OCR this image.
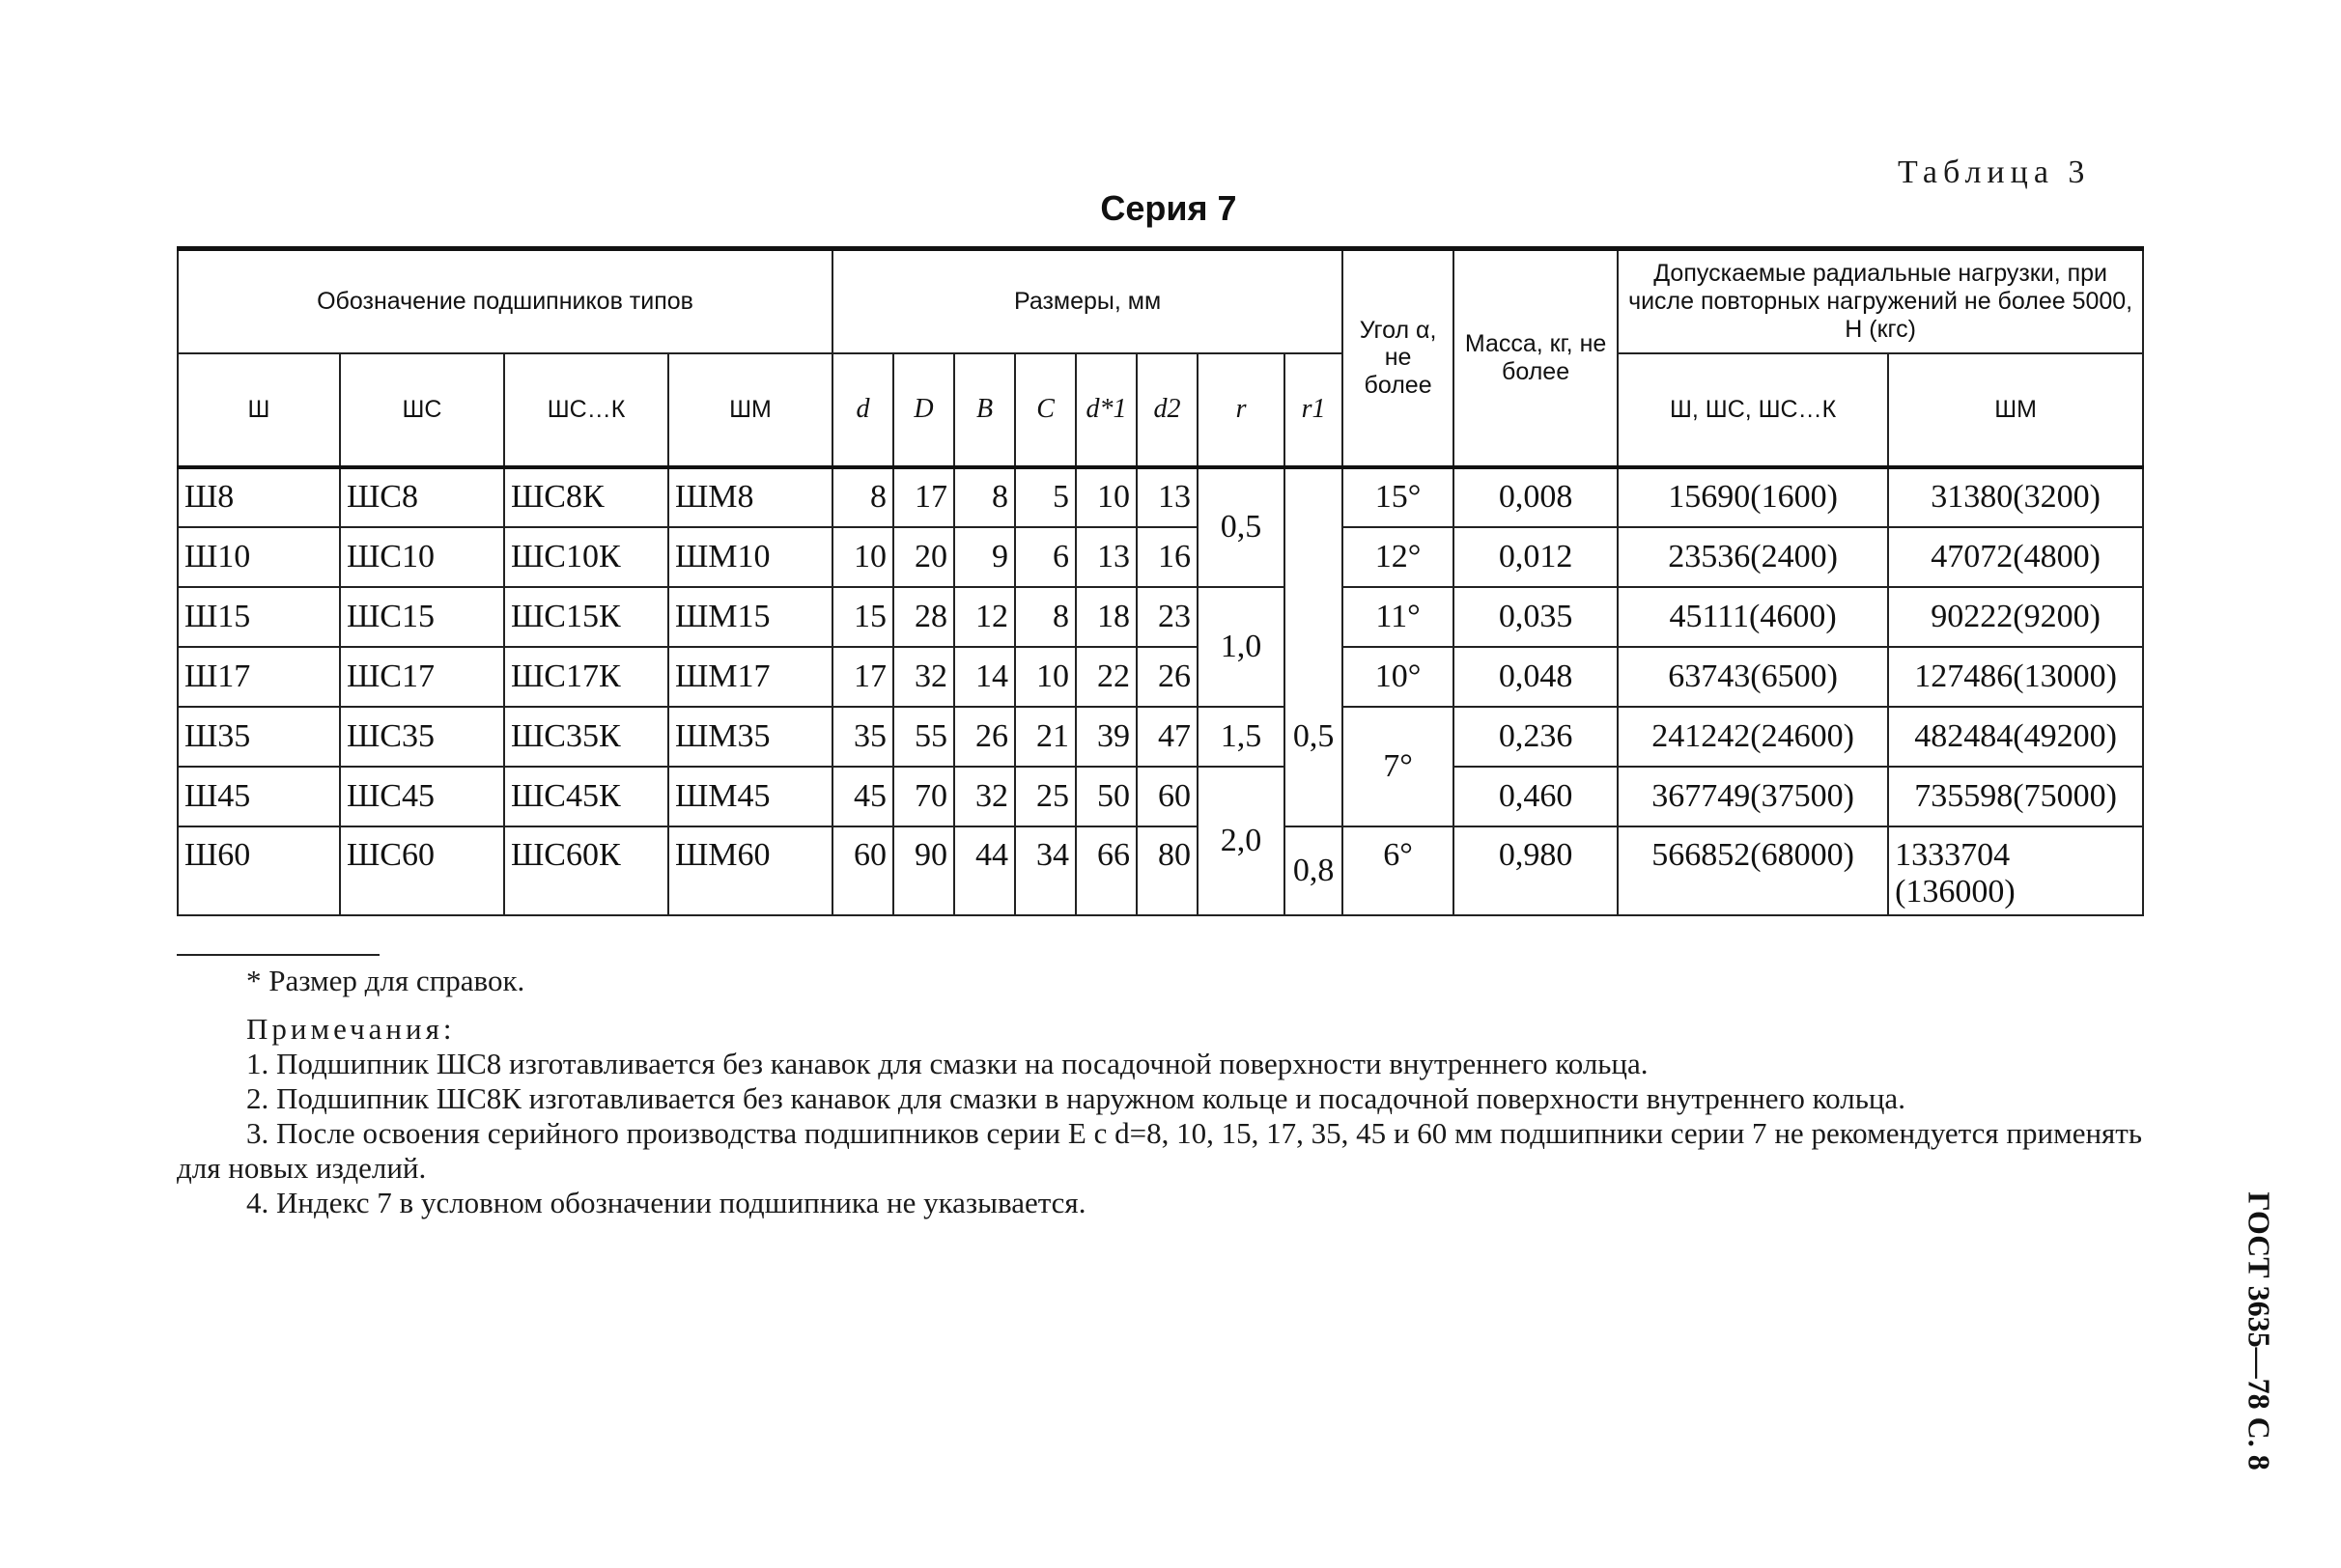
Таблица 3
Серия 7
ГОСТ 3635—78 С. 8
Обозначение подшипников типов				Размеры, мм								Угол α, не более	Масса, кг, не более	Допускаемые радиальные нагрузки, при числе повторных нагружений не более 5000, Н (кгс)	
Ш	ШС	ШС…К	ШМ	d	D	B	C	d*1	d2	r	r1			Ш, ШС, ШС…К	ШМ
Ш8	ШС8	ШС8К	ШМ8	8	17	8	5	10	13	0,5		15°	0,008	15690(1600)	31380(3200)
Ш10	ШС10	ШС10К	ШМ10	10	20	9	6	13	16			12°	0,012	23536(2400)	47072(4800)
Ш15	ШС15	ШС15К	ШМ15	15	28	12	8	18	23	1,0		11°	0,035	45111(4600)	90222(9200)
Ш17	ШС17	ШС17К	ШМ17	17	32	14	10	22	26		0,5	10°	0,048	63743(6500)	127486(13000)
Ш35	ШС35	ШС35К	ШМ35	35	55	26	21	39	47	1,5		7°	0,236	241242(24600)	482484(49200)
Ш45	ШС45	ШС45К	ШМ45	45	70	32	25	50	60	2,0			0,460	367749(37500)	735598(75000)
Ш60	ШС60	ШС60К	ШМ60	60	90	44	34	66	80		0,8	6°	0,980	566852(68000)	1333704 (136000)

* Размер для справок.

Примечания:

1. Подшипник ШС8 изготавливается без канавок для смазки на посадочной поверхности внутреннего кольца.

2. Подшипник ШС8К изготавливается без канавок для смазки в наружном кольце и посадочной поверхности внутреннего кольца.

3. После освоения серийного производства подшипников серии Е с d=8, 10, 15, 17, 35, 45 и 60 мм подшипники серии 7 не рекомендуется применять для новых изделий.

4. Индекс 7 в условном обозначении подшипника не указывается.
